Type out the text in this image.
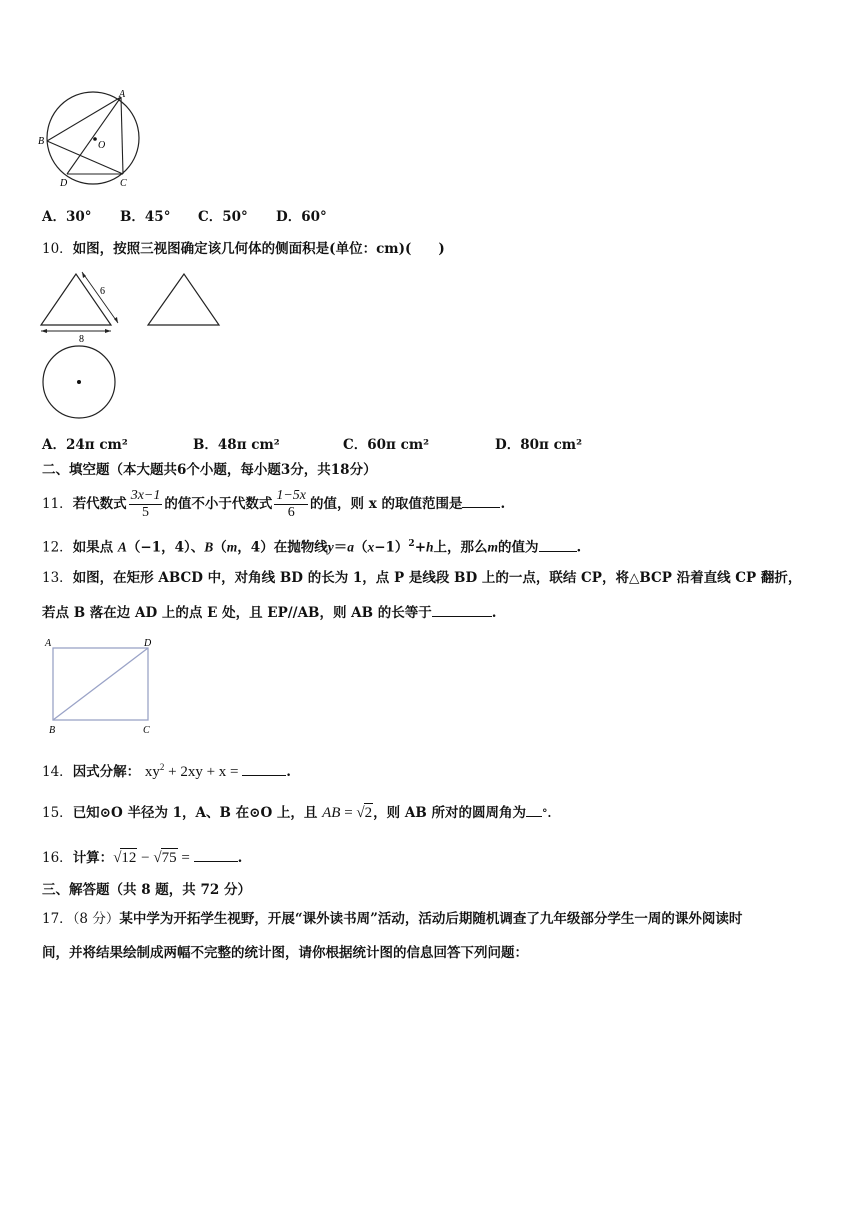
A
B	O
D	C
A．30° B．45° C．50° D．60°
10．如图，按照三视图确定该几何体的侧面积是(单位：cm)(　　)
6
8
A．24π cm²	B．48π cm²	C．60π cm²	D．80π cm²
二、填空题（本大题共6个小题，每小题3分，共18分）
11．若代数式 $\frac{3x-1}{5}$ 的值不小于代数式 $\frac{1-5x}{6}$ 的值，则 x 的取值范围是	.
12．如果点 A（−1，4）、B（m，4）在抛物线$y=a(x-1)^2+h$上，那么m的值为	.
13．如图，在矩形 ABCD 中，对角线 BD 的长为 1，点 P 是线段 BD 上的一点，联结 CP，将△BCP 沿着直线 CP 翻折，
若点 B 落在边 AD 上的点 E 处，且 EP//AB，则 AB 的长等于	.
A	D
B	C
14．因式分解： $xy^2 + 2xy + x$ =	.
15．已知⊙O 半径为 1，A、B 在⊙O 上，且 AB = √2，则 AB 所对的圆周角为 °.
16．计算：√12 − √75 =	.
三、解答题（共 8 题，共 72 分）
17．（8 分）某中学为开拓学生视野，开展“课外读书周”活动，活动后期随机调查了九年级部分学生一周的课外阅读时
间，并将结果绘制成两幅不完整的统计图，请你根据统计图的信息回答下列问题：
